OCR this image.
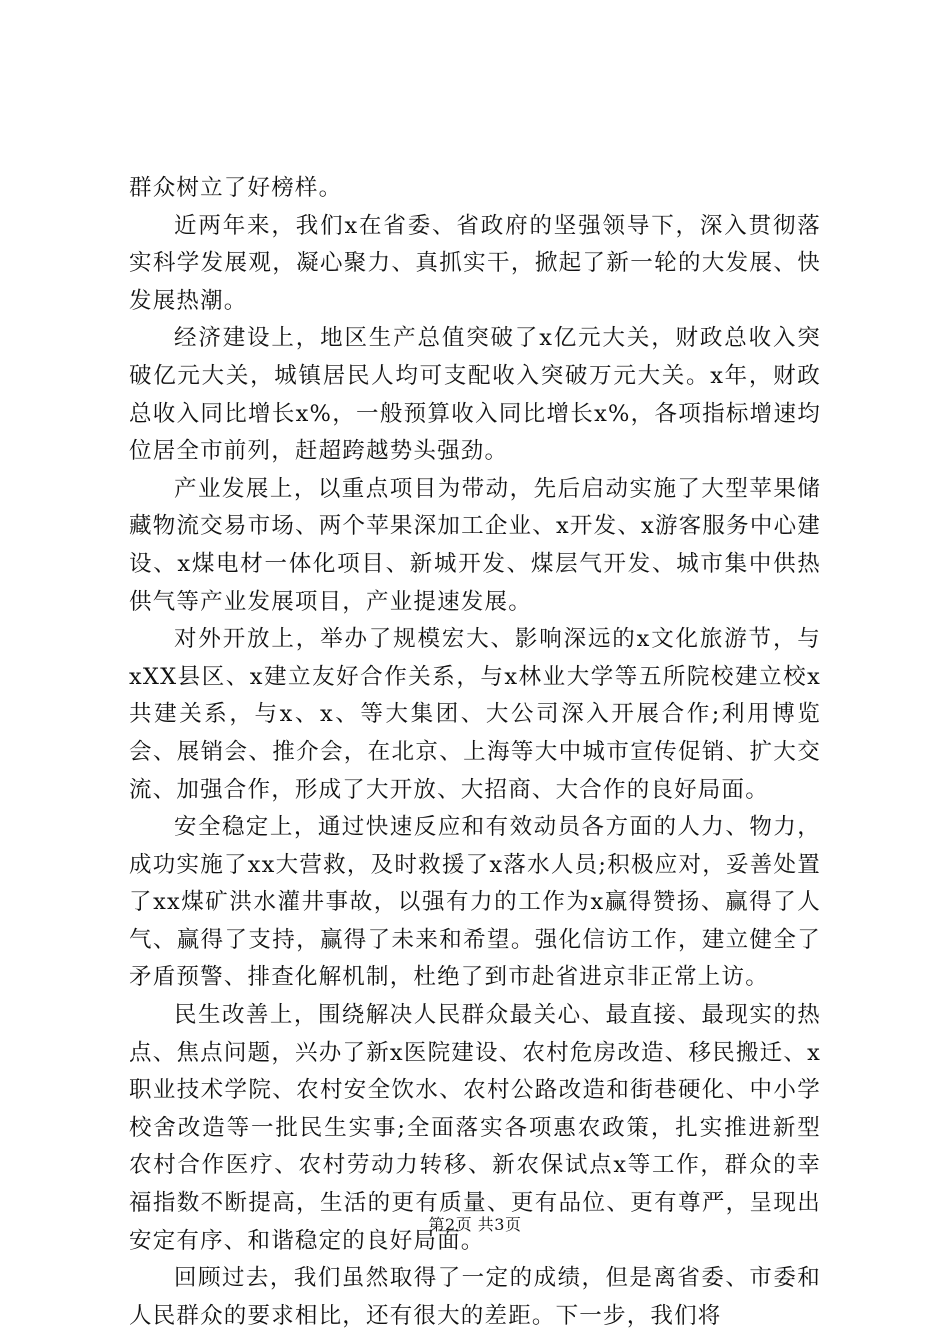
群众树立了好榜样。

近两年来，我们x在省委、省政府的坚强领导下，深入贯彻落实科学发展观，凝心聚力、真抓实干，掀起了新一轮的大发展、快发展热潮。

经济建设上，地区生产总值突破了x亿元大关，财政总收入突破亿元大关，城镇居民人均可支配收入突破万元大关。x年，财政总收入同比增长x%，一般预算收入同比增长x%，各项指标增速均位居全市前列，赶超跨越势头强劲。

产业发展上，以重点项目为带动，先后启动实施了大型苹果储藏物流交易市场、两个苹果深加工企业、x开发、x游客服务中心建设、x煤电材一体化项目、新城开发、煤层气开发、城市集中供热供气等产业发展项目，产业提速发展。

对外开放上，举办了规模宏大、影响深远的x文化旅游节，与xXX县区、x建立友好合作关系，与x林业大学等五所院校建立校x共建关系，与x、x、等大集团、大公司深入开展合作;利用博览会、展销会、推介会，在北京、上海等大中城市宣传促销、扩大交流、加强合作，形成了大开放、大招商、大合作的良好局面。

安全稳定上，通过快速反应和有效动员各方面的人力、物力，成功实施了xx大营救，及时救援了x落水人员;积极应对，妥善处置了xx煤矿洪水灌井事故，以强有力的工作为x赢得赞扬、赢得了人气、赢得了支持，赢得了未来和希望。强化信访工作，建立健全了矛盾预警、排查化解机制，杜绝了到市赴省进京非正常上访。

民生改善上，围绕解决人民群众最关心、最直接、最现实的热点、焦点问题，兴办了新x医院建设、农村危房改造、移民搬迁、x职业技术学院、农村安全饮水、农村公路改造和街巷硬化、中小学校舍改造等一批民生实事;全面落实各项惠农政策，扎实推进新型农村合作医疗、农村劳动力转移、新农保试点x等工作，群众的幸福指数不断提高，生活的更有质量、更有品位、更有尊严，呈现出安定有序、和谐稳定的良好局面。

回顾过去，我们虽然取得了一定的成绩，但是离省委、市委和人民群众的要求相比，还有很大的差距。下一步，我们将

第2页 共3页
